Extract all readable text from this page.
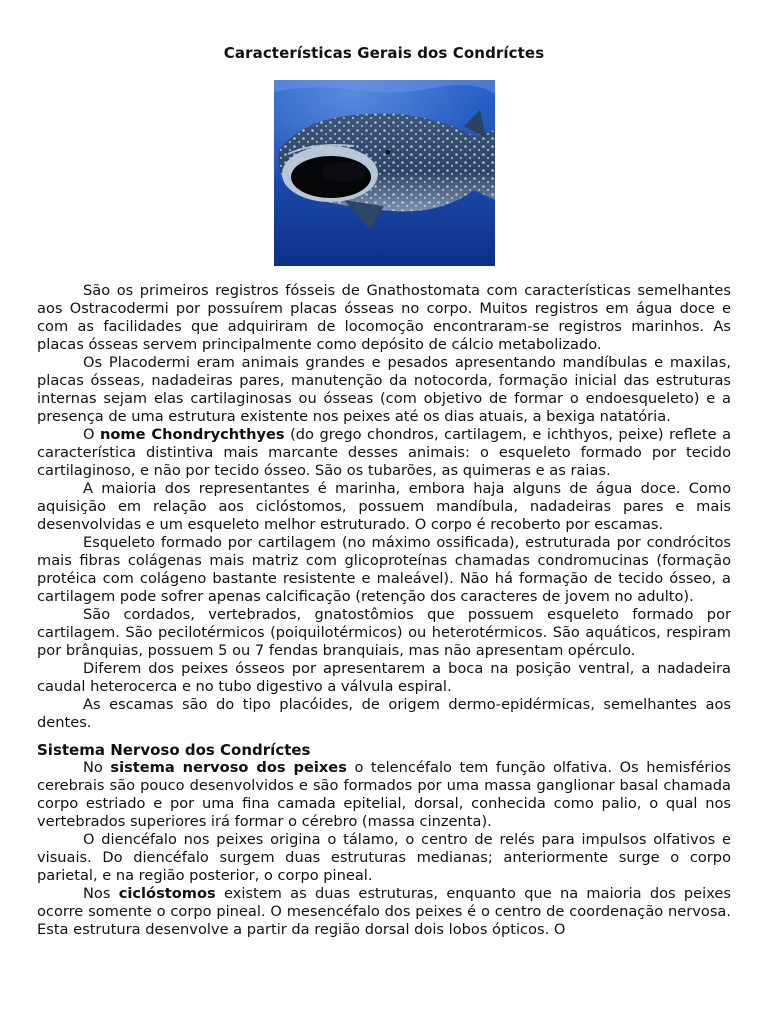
Características Gerais dos Condríctes

São os primeiros registros fósseis de Gnathostomata com características semelhantes aos Ostracodermi por possuírem placas ósseas no corpo. Muitos registros em água doce e com as facilidades que adquiriram de locomoção encontraram-se registros marinhos. As placas ósseas servem principalmente como depósito de cálcio metabolizado.

Os Placodermi eram animais grandes e pesados apresentando mandíbulas e maxilas, placas ósseas, nadadeiras pares, manutenção da notocorda, formação inicial das estruturas internas sejam elas cartilaginosas ou ósseas (com objetivo de formar o endoesqueleto) e a presença de uma estrutura existente nos peixes até os dias atuais, a bexiga natatória.

O nome Chondrychthyes (do grego chondros, cartilagem, e ichthyos, peixe) reflete a característica distintiva mais marcante desses animais: o esqueleto formado por tecido cartilaginoso, e não por tecido ósseo. São os tubarões, as quimeras e as raias.

A maioria dos representantes é marinha, embora haja alguns de água doce. Como aquisição em relação aos ciclóstomos, possuem mandíbula, nadadeiras pares e mais desenvolvidas e um esqueleto melhor estruturado. O corpo é recoberto por escamas.

Esqueleto formado por cartilagem (no máximo ossificada), estruturada por condrócitos mais fibras colágenas mais matriz com glicoproteínas chamadas condromucinas (formação protéica com colágeno bastante resistente e maleável). Não há formação de tecido ósseo, a cartilagem pode sofrer apenas calcificação (retenção dos caracteres de jovem no adulto).

São cordados, vertebrados, gnatostômios que possuem esqueleto formado por cartilagem. São pecilotérmicos (poiquilotérmicos) ou heterotérmicos. São aquáticos, respiram por brânquias, possuem 5 ou 7 fendas branquiais, mas não apresentam opérculo.

Diferem dos peixes ósseos por apresentarem a boca na posição ventral, a nadadeira caudal heterocerca e no tubo digestivo a válvula espiral.

As escamas são do tipo placóides, de origem dermo-epidérmicas, semelhantes aos dentes.

Sistema Nervoso dos Condríctes

No sistema nervoso dos peixes o telencéfalo tem função olfativa. Os hemisférios cerebrais são pouco desenvolvidos e são formados por uma massa ganglionar basal chamada corpo estriado e por uma fina camada epitelial, dorsal, conhecida como palio, o qual nos vertebrados superiores irá formar o cérebro (massa cinzenta).

O diencéfalo nos peixes origina o tálamo, o centro de relés para impulsos olfativos e visuais. Do diencéfalo surgem duas estruturas medianas; anteriormente surge o corpo parietal, e na região posterior, o corpo pineal.

Nos ciclóstomos existem as duas estruturas, enquanto que na maioria dos peixes ocorre somente o corpo pineal. O mesencéfalo dos peixes é o centro de coordenação nervosa. Esta estrutura desenvolve a partir da região dorsal dois lobos ópticos. O
